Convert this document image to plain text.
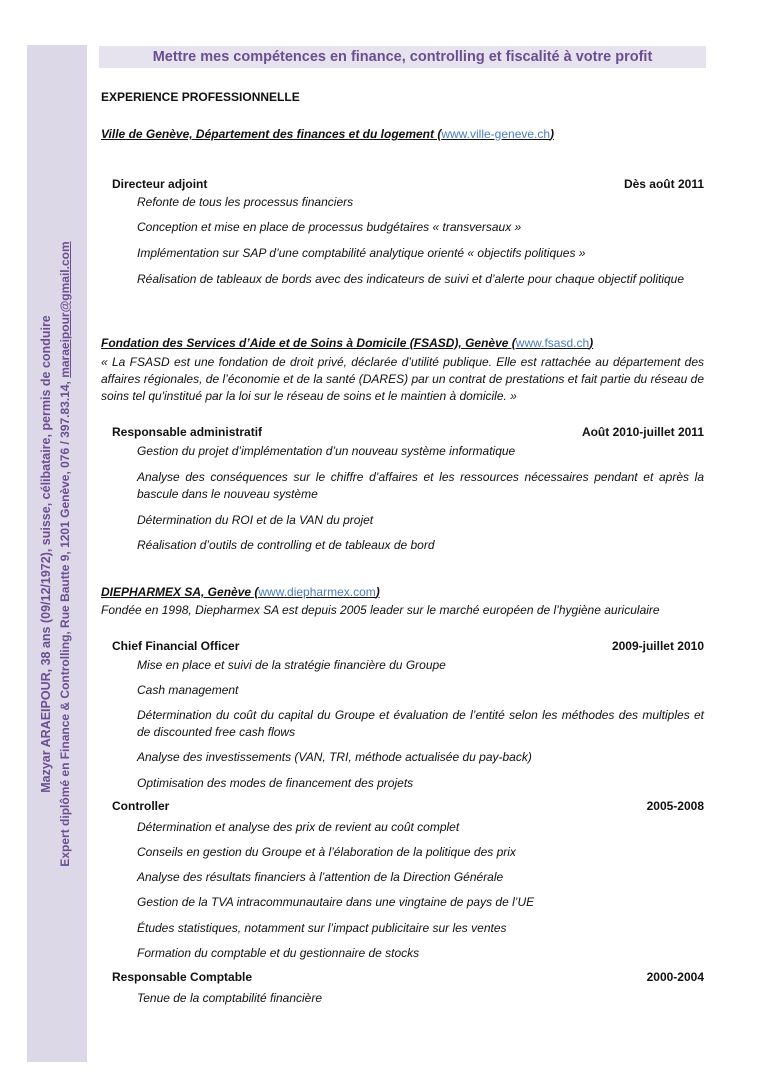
Mazyar ARAEIPOUR, 38 ans (09/12/1972), suisse, célibataire, permis de conduire Expert diplômé en Finance & Controlling, Rue Bautte 9, 1201 Genève, 076 / 397.83.14, maraeipour@gmail.com
Mettre mes compétences en finance, controlling et fiscalité à votre profit
EXPERIENCE PROFESSIONNELLE
Ville de Genève, Département des finances et du logement (www.ville-geneve.ch)
Directeur adjoint	Dès août 2011
Refonte de tous les processus financiers
Conception et mise en place de processus budgétaires « transversaux »
Implémentation sur SAP d’une comptabilité analytique orienté « objectifs politiques »
Réalisation de tableaux de bords avec des indicateurs de suivi et d’alerte pour chaque objectif politique
Fondation des Services d’Aide et de Soins à Domicile (FSASD), Genève (www.fsasd.ch)
« La FSASD est une fondation de droit privé, déclarée d’utilité publique. Elle est rattachée au département des affaires régionales, de l’économie et de la santé (DARES) par un contrat de prestations et fait partie du réseau de soins tel qu'institué par la loi sur le réseau de soins et le maintien à domicile. »
Responsable administratif	Août 2010-juillet 2011
Gestion du projet d’implémentation d’un nouveau système informatique
Analyse des conséquences sur le chiffre d’affaires et les ressources nécessaires pendant et après la bascule dans le nouveau système
Détermination du ROI et de la VAN du projet
Réalisation d’outils de controlling et de tableaux de bord
DIEPHARMEX SA, Genève (www.diepharmex.com)
Fondée en 1998, Diepharmex SA est depuis 2005 leader sur le marché européen de l’hygiène auriculaire
Chief Financial Officer	2009-juillet 2010
Mise en place et suivi de la stratégie financière du Groupe
Cash management
Détermination du coût du capital du Groupe et évaluation de l’entité selon les méthodes des multiples et de discounted free cash flows
Analyse des investissements (VAN, TRI, méthode actualisée du pay-back)
Optimisation des modes de financement des projets
Controller	2005-2008
Détermination et analyse des prix de revient au coût complet
Conseils en gestion du Groupe et à l’élaboration de la politique des prix
Analyse des résultats financiers à l’attention de la Direction Générale
Gestion de la TVA intracommunautaire dans une vingtaine de pays de l’UE
Études statistiques, notamment sur l’impact publicitaire sur les ventes
Formation du comptable et du gestionnaire de stocks
Responsable Comptable	2000-2004
Tenue de la comptabilité financière
